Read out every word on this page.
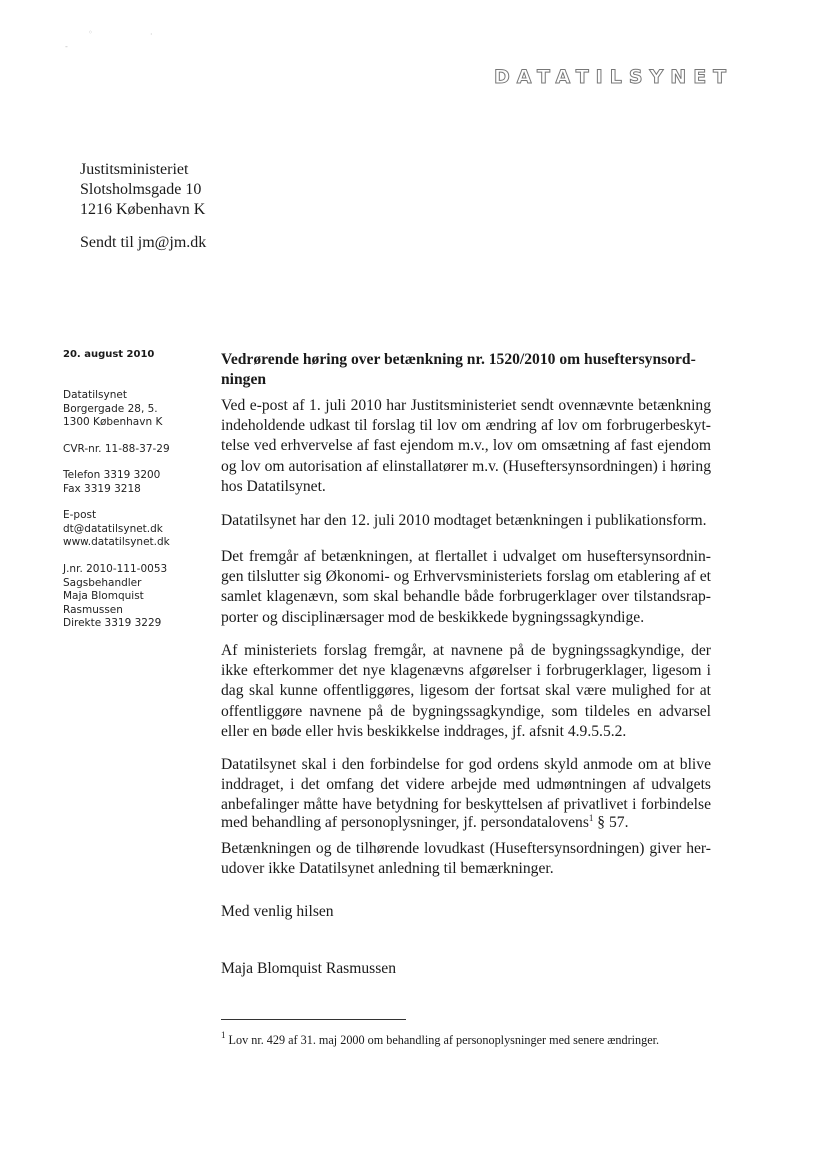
◦	·
-
DATATILSYNET
Justitsministeriet
Slotsholmsgade 10
1216 København K
Sendt til jm@jm.dk
20. august 2010
Datatilsynet
Borgergade 28, 5.
1300 København K
CVR-nr. 11-88-37-29
Telefon 3319 3200
Fax 3319 3218
E-post
dt@datatilsynet.dk
www.datatilsynet.dk
J.nr. 2010-111-0053
Sagsbehandler
Maja Blomquist
Rasmussen
Direkte 3319 3229
Vedrørende høring over betænkning nr. 1520/2010 om huseftersynsord-
ningen
Ved e-post af 1. juli 2010 har Justitsministeriet sendt ovennævnte betænkning
indeholdende udkast til forslag til lov om ændring af lov om forbrugerbeskyt-
telse ved erhvervelse af fast ejendom m.v., lov om omsætning af fast ejendom
og lov om autorisation af elinstallatører m.v. (Huseftersynsordningen) i høring
hos Datatilsynet.
Datatilsynet har den 12. juli 2010 modtaget betænkningen i publikationsform.
Det fremgår af betænkningen, at flertallet i udvalget om huseftersynsordnin-
gen tilslutter sig Økonomi- og Erhvervsministeriets forslag om etablering af et
samlet klagenævn, som skal behandle både forbrugerklager over tilstandsrap-
porter og disciplinærsager mod de beskikkede bygningssagkyndige.
Af ministeriets forslag fremgår, at navnene på de bygningssagkyndige, der
ikke efterkommer det nye klagenævns afgørelser i forbrugerklager, ligesom i
dag skal kunne offentliggøres, ligesom der fortsat skal være mulighed for at
offentliggøre navnene på de bygningssagkyndige, som tildeles en advarsel
eller en bøde eller hvis beskikkelse inddrages, jf. afsnit 4.9.5.5.2.
Datatilsynet skal i den forbindelse for god ordens skyld anmode om at blive
inddraget, i det omfang det videre arbejde med udmøntningen af udvalgets
anbefalinger måtte have betydning for beskyttelsen af privatlivet i forbindelse
Betænkningen og de tilhørende lovudkast (Huseftersynsordningen) giver her-
udover ikke Datatilsynet anledning til bemærkninger.
med behandling af personoplysninger, jf. persondatalovens$^1$ § 57.
Med venlig hilsen
Maja Blomquist Rasmussen
$^1$ Lov nr. 429 af 31. maj 2000 om behandling af personoplysninger med senere ændringer.
